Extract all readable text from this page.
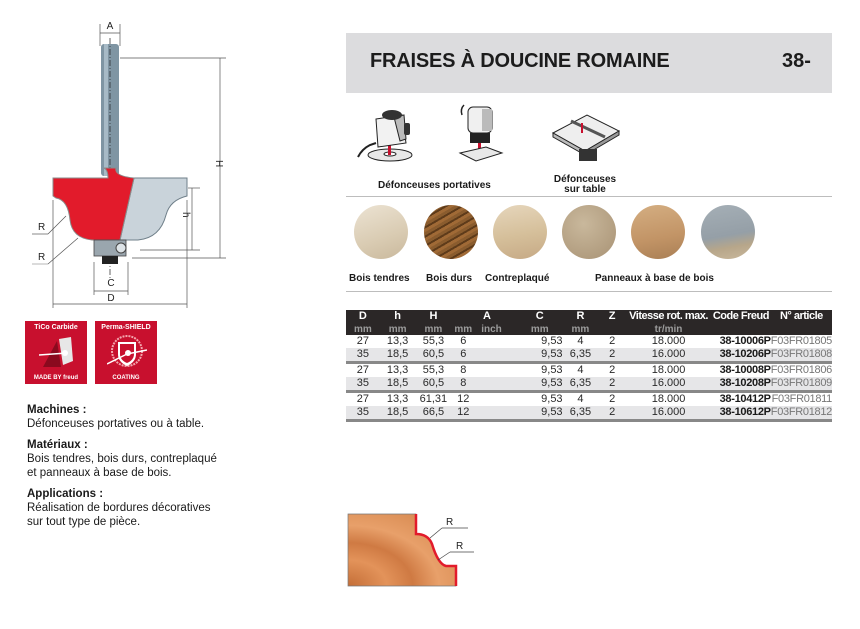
FRAISES À DOUCINE ROMAINE	38-
Défonceuses portatives
Défonceuses
sur table
Bois tendres Bois durs Contreplaqué	Panneaux à base de bois
D	h	H	A		C	R	Z	Vitesse rot. max.	Code Freud	N° article
mm	mm	mm	mm	inch	mm	mm		tr/min		
27	13,3	55,3	6		9,53	4	2	18.000	38-10006P	F03FR01805
35	18,5	60,5	6		9,53	6,35	2	16.000	38-10206P	F03FR01808
27	13,3	55,3	8		9,53	4	2	18.000	38-10008P	F03FR01806
35	18,5	60,5	8		9,53	6,35	2	16.000	38-10208P	F03FR01809
27	13,3	61,31	12		9,53	4	2	18.000	38-10412P	F03FR01811
35	18,5	66,5	12		9,53	6,35	2	16.000	38-10612P	F03FR01812
A
H
h
R
R
C
D
TiCo Carbide
MADE BY freud
Perma-SHIELD
COATING
Machines :
Défonceuses portatives ou à table.
Matériaux :
Bois tendres, bois durs, contreplaqué
et panneaux à base de bois.
Applications :
Réalisation de bordures décoratives
sur tout type de pièce.	R
R
